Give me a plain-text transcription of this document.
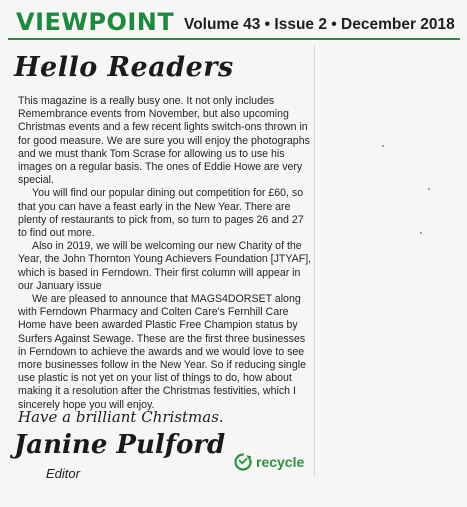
VIEWPOINT Volume 43 • Issue 2 • December 2018
Hello Readers

This magazine is a really busy one. It not only includes Remembrance events from November, but also upcoming Christmas events and a few recent lights switch-ons thrown in for good measure. We are sure you will enjoy the photographs and we must thank Tom Scrase for allowing us to use his images on a regular basis. The ones of Eddie Howe are very special.

You will find our popular dining out competition for £60, so that you can have a feast early in the New Year. There are plenty of restaurants to pick from, so turn to pages 26 and 27 to find out more.

Also in 2019, we will be welcoming our new Charity of the Year, the John Thornton Young Achievers Foundation [JTYAF], which is based in Ferndown. Their first column will appear in our January issue

We are pleased to announce that MAGS4DORSET along with Ferndown Pharmacy and Colten Care's Fernhill Care Home have been awarded Plastic Free Champion status by Surfers Against Sewage. These are the first three businesses in Ferndown to achieve the awards and we would love to see more businesses follow in the New Year. So if reducing single use plastic is not yet on your list of things to do, how about making it a resolution after the Christmas festivities, which I sincerely hope you will enjoy.

Have a brilliant Christmas.
Janine Pulford
Editor
recycle
